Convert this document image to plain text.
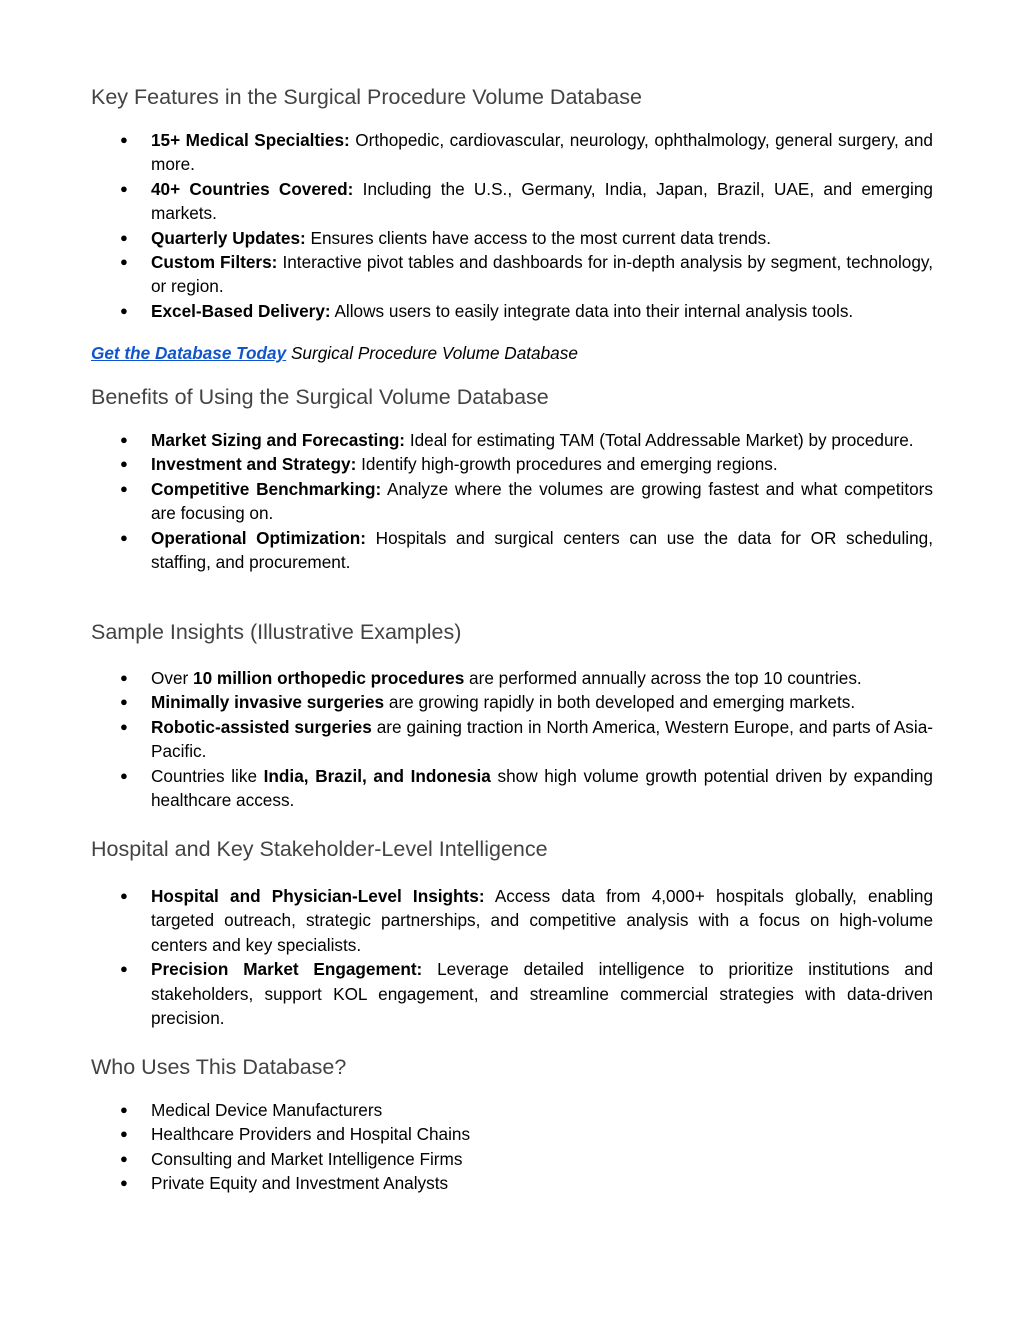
Key Features in the Surgical Procedure Volume Database
● 15+ Medical Specialties: Orthopedic, cardiovascular, neurology, ophthalmology, general surgery, and more.
● 40+ Countries Covered: Including the U.S., Germany, India, Japan, Brazil, UAE, and emerging markets.
● Quarterly Updates: Ensures clients have access to the most current data trends.
● Custom Filters: Interactive pivot tables and dashboards for in-depth analysis by segment, technology, or region.
● Excel-Based Delivery: Allows users to easily integrate data into their internal analysis tools.
Get the Database Today Surgical Procedure Volume Database
Benefits of Using the Surgical Volume Database
● Market Sizing and Forecasting: Ideal for estimating TAM (Total Addressable Market) by procedure.
● Investment and Strategy: Identify high-growth procedures and emerging regions.
● Competitive Benchmarking: Analyze where the volumes are growing fastest and what competitors are focusing on.
● Operational Optimization: Hospitals and surgical centers can use the data for OR scheduling, staffing, and procurement.
Sample Insights (Illustrative Examples)
● Over 10 million orthopedic procedures are performed annually across the top 10 countries.
● Minimally invasive surgeries are growing rapidly in both developed and emerging markets.
● Robotic-assisted surgeries are gaining traction in North America, Western Europe, and parts of Asia-Pacific.
● Countries like India, Brazil, and Indonesia show high volume growth potential driven by expanding healthcare access.
Hospital and Key Stakeholder-Level Intelligence
● Hospital and Physician-Level Insights: Access data from 4,000+ hospitals globally, enabling targeted outreach, strategic partnerships, and competitive analysis with a focus on high-volume centers and key specialists.
● Precision Market Engagement: Leverage detailed intelligence to prioritize institutions and stakeholders, support KOL engagement, and streamline commercial strategies with data-driven precision.
Who Uses This Database?
● Medical Device Manufacturers
● Healthcare Providers and Hospital Chains
● Consulting and Market Intelligence Firms
● Private Equity and Investment Analysts
